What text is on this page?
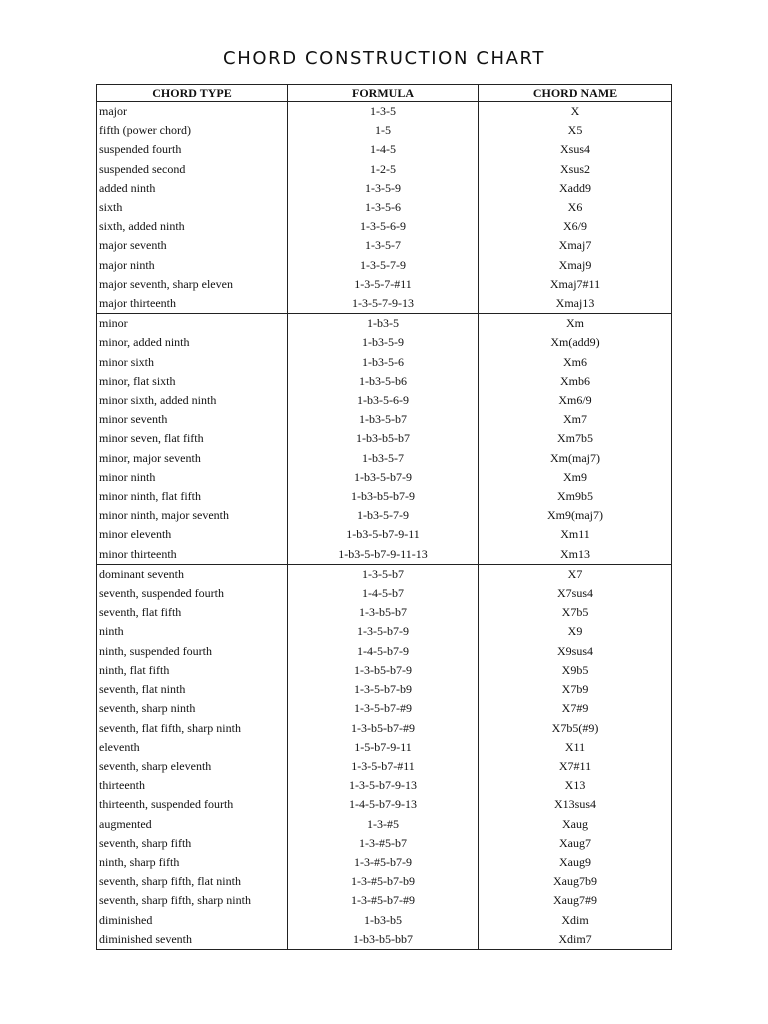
CHORD CONSTRUCTION CHART
CHORD TYPE	FORMULA	CHORD NAME
major	1-3-5	X
fifth (power chord)	1-5	X5
suspended fourth	1-4-5	Xsus4
suspended second	1-2-5	Xsus2
added ninth	1-3-5-9	Xadd9
sixth	1-3-5-6	X6
sixth, added ninth	1-3-5-6-9	X6/9
major seventh	1-3-5-7	Xmaj7
major ninth	1-3-5-7-9	Xmaj9
major seventh, sharp eleven	1-3-5-7-#11	Xmaj7#11
major thirteenth	1-3-5-7-9-13	Xmaj13
minor	1-b3-5	Xm
minor, added ninth	1-b3-5-9	Xm(add9)
minor sixth	1-b3-5-6	Xm6
minor, flat sixth	1-b3-5-b6	Xmb6
minor sixth, added ninth	1-b3-5-6-9	Xm6/9
minor seventh	1-b3-5-b7	Xm7
minor seven, flat fifth	1-b3-b5-b7	Xm7b5
minor, major seventh	1-b3-5-7	Xm(maj7)
minor ninth	1-b3-5-b7-9	Xm9
minor ninth, flat fifth	1-b3-b5-b7-9	Xm9b5
minor ninth, major seventh	1-b3-5-7-9	Xm9(maj7)
minor eleventh	1-b3-5-b7-9-11	Xm11
minor thirteenth	1-b3-5-b7-9-11-13	Xm13
dominant seventh	1-3-5-b7	X7
seventh, suspended fourth	1-4-5-b7	X7sus4
seventh, flat fifth	1-3-b5-b7	X7b5
ninth	1-3-5-b7-9	X9
ninth, suspended fourth	1-4-5-b7-9	X9sus4
ninth, flat fifth	1-3-b5-b7-9	X9b5
seventh, flat ninth	1-3-5-b7-b9	X7b9
seventh, sharp ninth	1-3-5-b7-#9	X7#9
seventh, flat fifth, sharp ninth	1-3-b5-b7-#9	X7b5(#9)
eleventh	1-5-b7-9-11	X11
seventh, sharp eleventh	1-3-5-b7-#11	X7#11
thirteenth	1-3-5-b7-9-13	X13
thirteenth, suspended fourth	1-4-5-b7-9-13	X13sus4
augmented	1-3-#5	Xaug
seventh, sharp fifth	1-3-#5-b7	Xaug7
ninth, sharp fifth	1-3-#5-b7-9	Xaug9
seventh, sharp fifth, flat ninth	1-3-#5-b7-b9	Xaug7b9
seventh, sharp fifth, sharp ninth	1-3-#5-b7-#9	Xaug7#9
diminished	1-b3-b5	Xdim
diminished seventh	1-b3-b5-bb7	Xdim7
